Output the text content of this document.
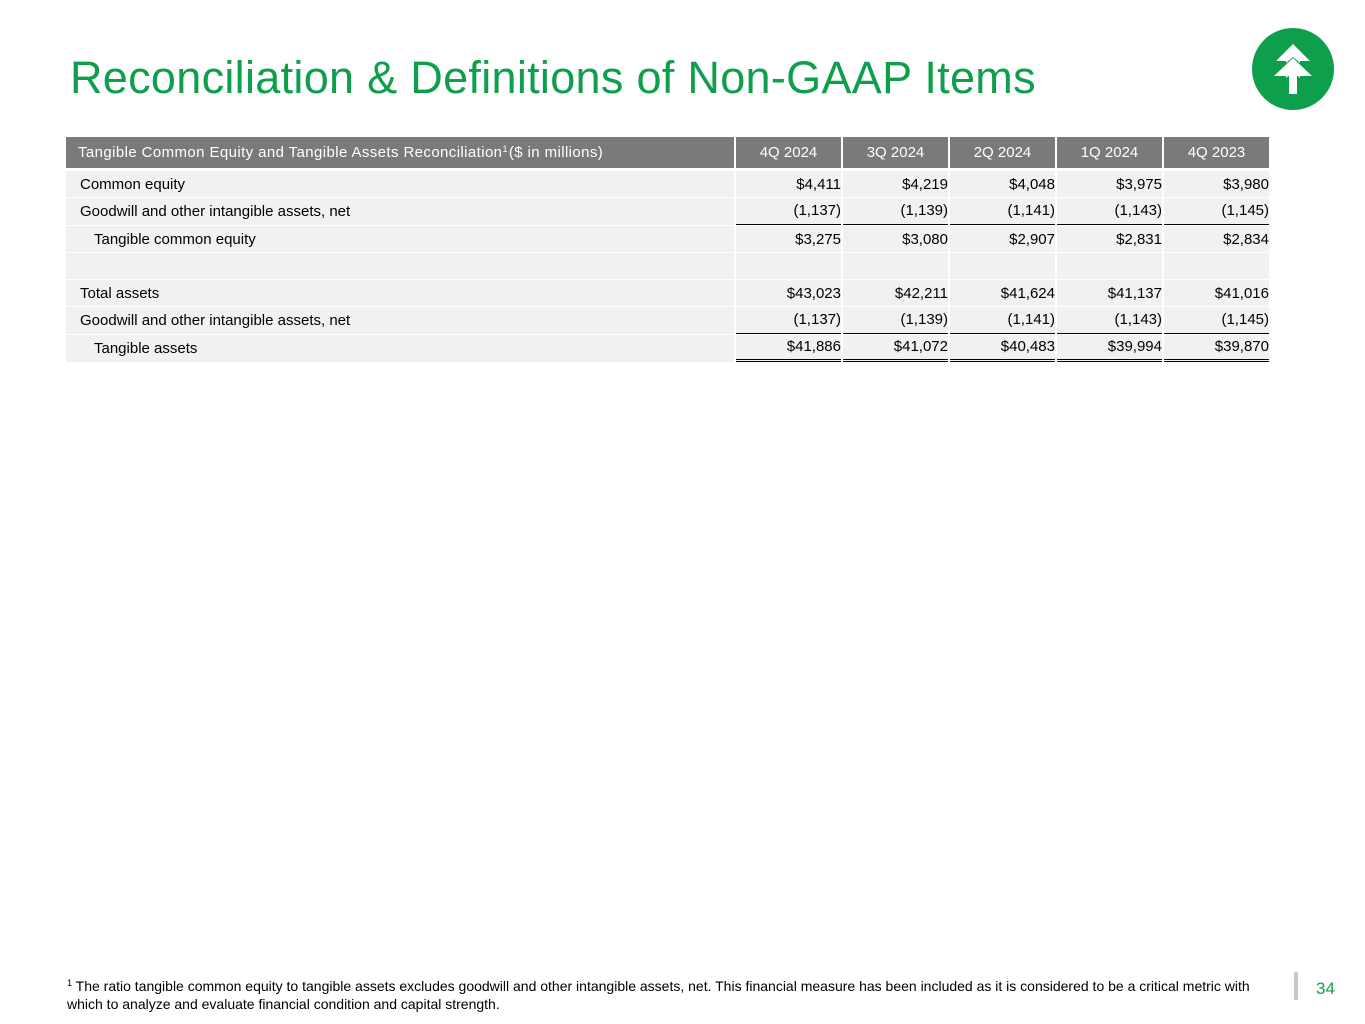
Reconciliation & Definitions of Non-GAAP Items
Tangible Common Equity and Tangible Assets Reconciliation$^1$($ in millions)	4Q 2024	3Q 2024	2Q 2024	1Q 2024	4Q 2023

Common equity	$4,411	$4,219	$4,048	$3,975	$3,980
Goodwill and other intangible assets, net	(1,137)	(1,139)	(1,141)	(1,143)	(1,145)

Tangible common equity	$3,275	$3,080	$2,907	$2,831	$2,834

Total assets	$43,023	$42,211	$41,624	$41,137	$41,016
Goodwill and other intangible assets, net	(1,137)	(1,139)	(1,141)	(1,143)	(1,145)

Tangible assets	$41,886	$41,072	$40,483	$39,994	$39,870
$^1$ The ratio tangible common equity to tangible assets excludes goodwill and other intangible assets, net. This financial measure has been included as it is considered to be a critical metric with which to analyze and evaluate financial condition and capital strength.
34
